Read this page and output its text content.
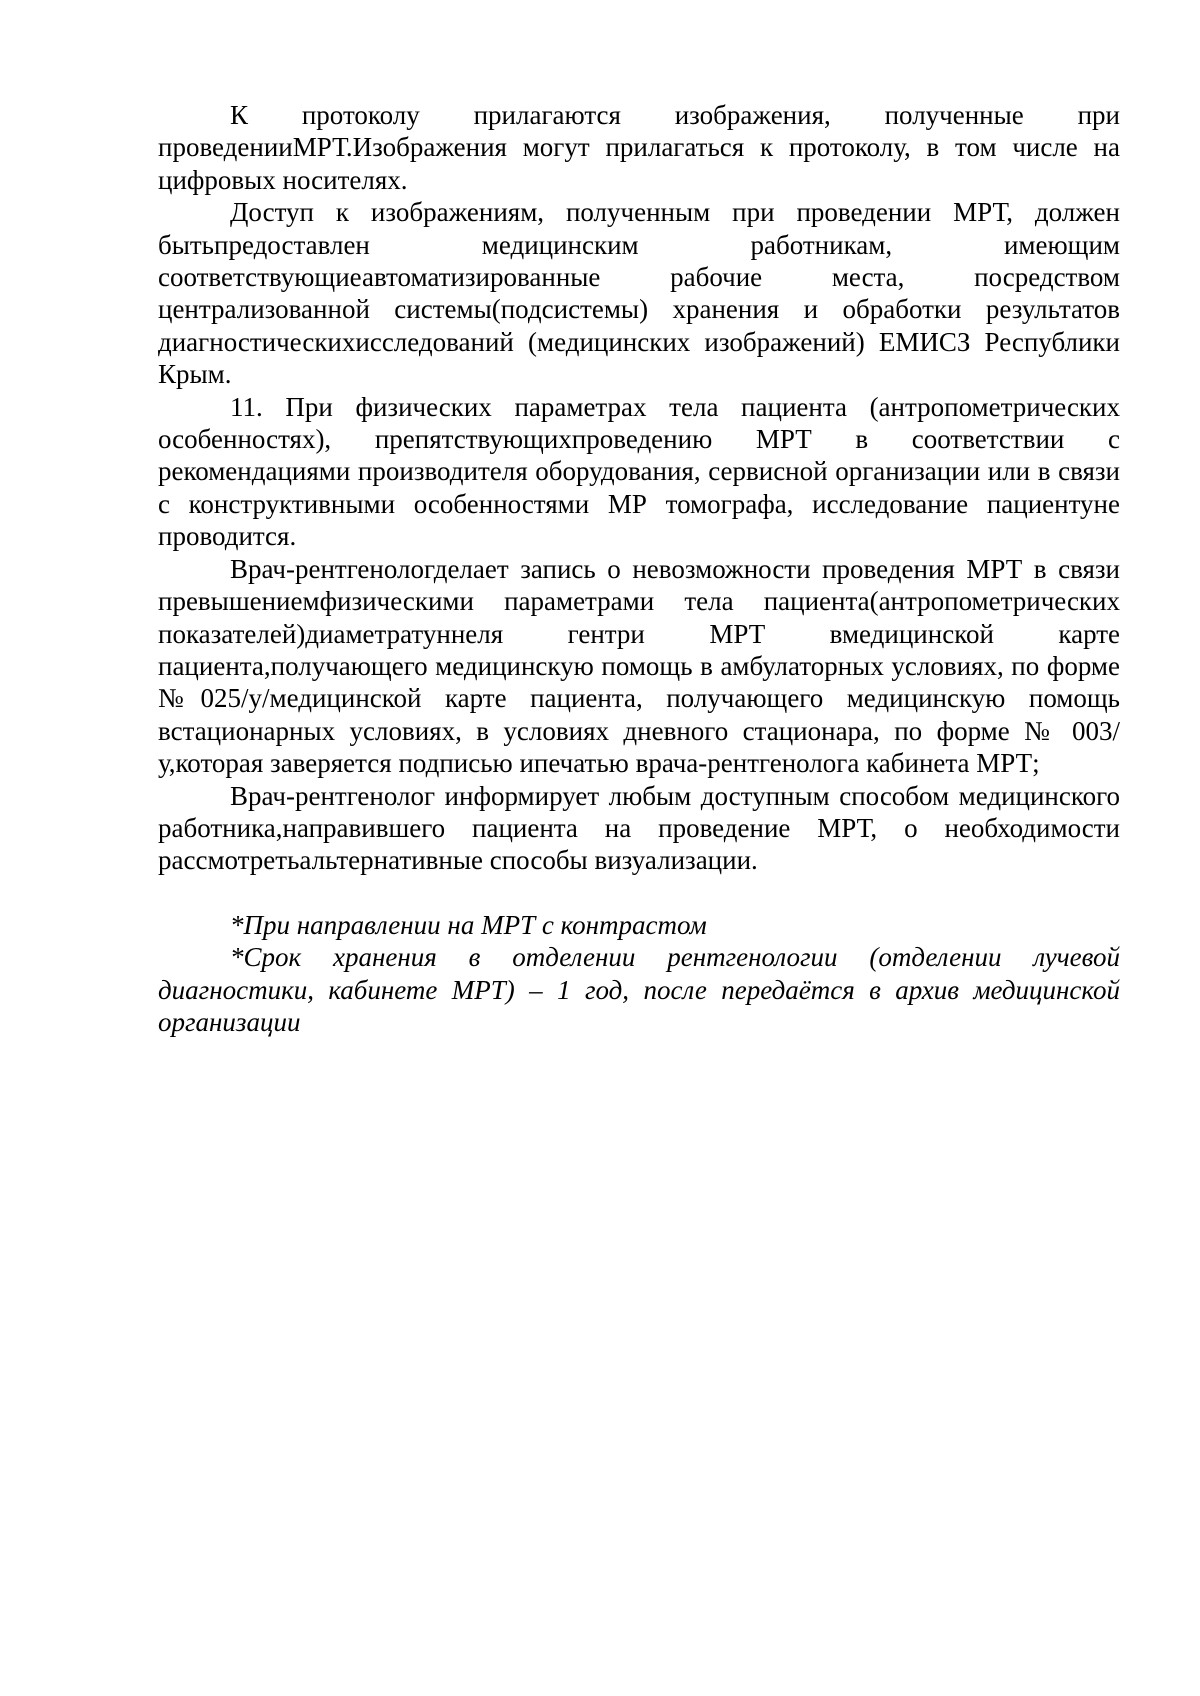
К протоколу прилагаются изображения, полученные при проведенииМРТ.Изображения могут прилагаться к протоколу, в том числе на цифровых носителях.

Доступ к изображениям, полученным при проведении МРТ, должен бытьпредоставлен медицинским работникам, имеющим соответствующиеавтоматизированные рабочие места, посредством централизованной системы(подсистемы) хранения и обработки результатов диагностическихисследований (медицинских изображений) ЕМИСЗ Республики Крым.

11. При физических параметрах тела пациента (антропометрических особенностях), препятствующихпроведению МРТ в соответствии с рекомендациями производителя оборудования, сервисной организации или в связи с конструктивными особенностями МР томографа, исследование пациентуне проводится.

Врач-рентгенологделает запись о невозможности проведения МРТ в связи превышениемфизическими параметрами тела пациента(антропометрических показателей)диаметратуннеля гентри МРТ вмедицинской карте пациента,получающего медицинскую помощь в амбулаторных условиях, по форме №025/у/медицинской карте пациента, получающего медицинскую помощь встационарных условиях, в условиях дневного стационара, по форме № 003/у,которая заверяется подписью ипечатью врача-рентгенолога кабинета МРТ;

Врач-рентгенолог информирует любым доступным способом медицинского работника,направившего пациента на проведение МРТ, о необходимости рассмотретьальтернативные способы визуализации.

*При направлении на МРТ с контрастом

*Срок хранения в отделении рентгенологии (отделении лучевой диагностики, кабинете МРТ) – 1 год, после передаётся в архив медицинской организации
